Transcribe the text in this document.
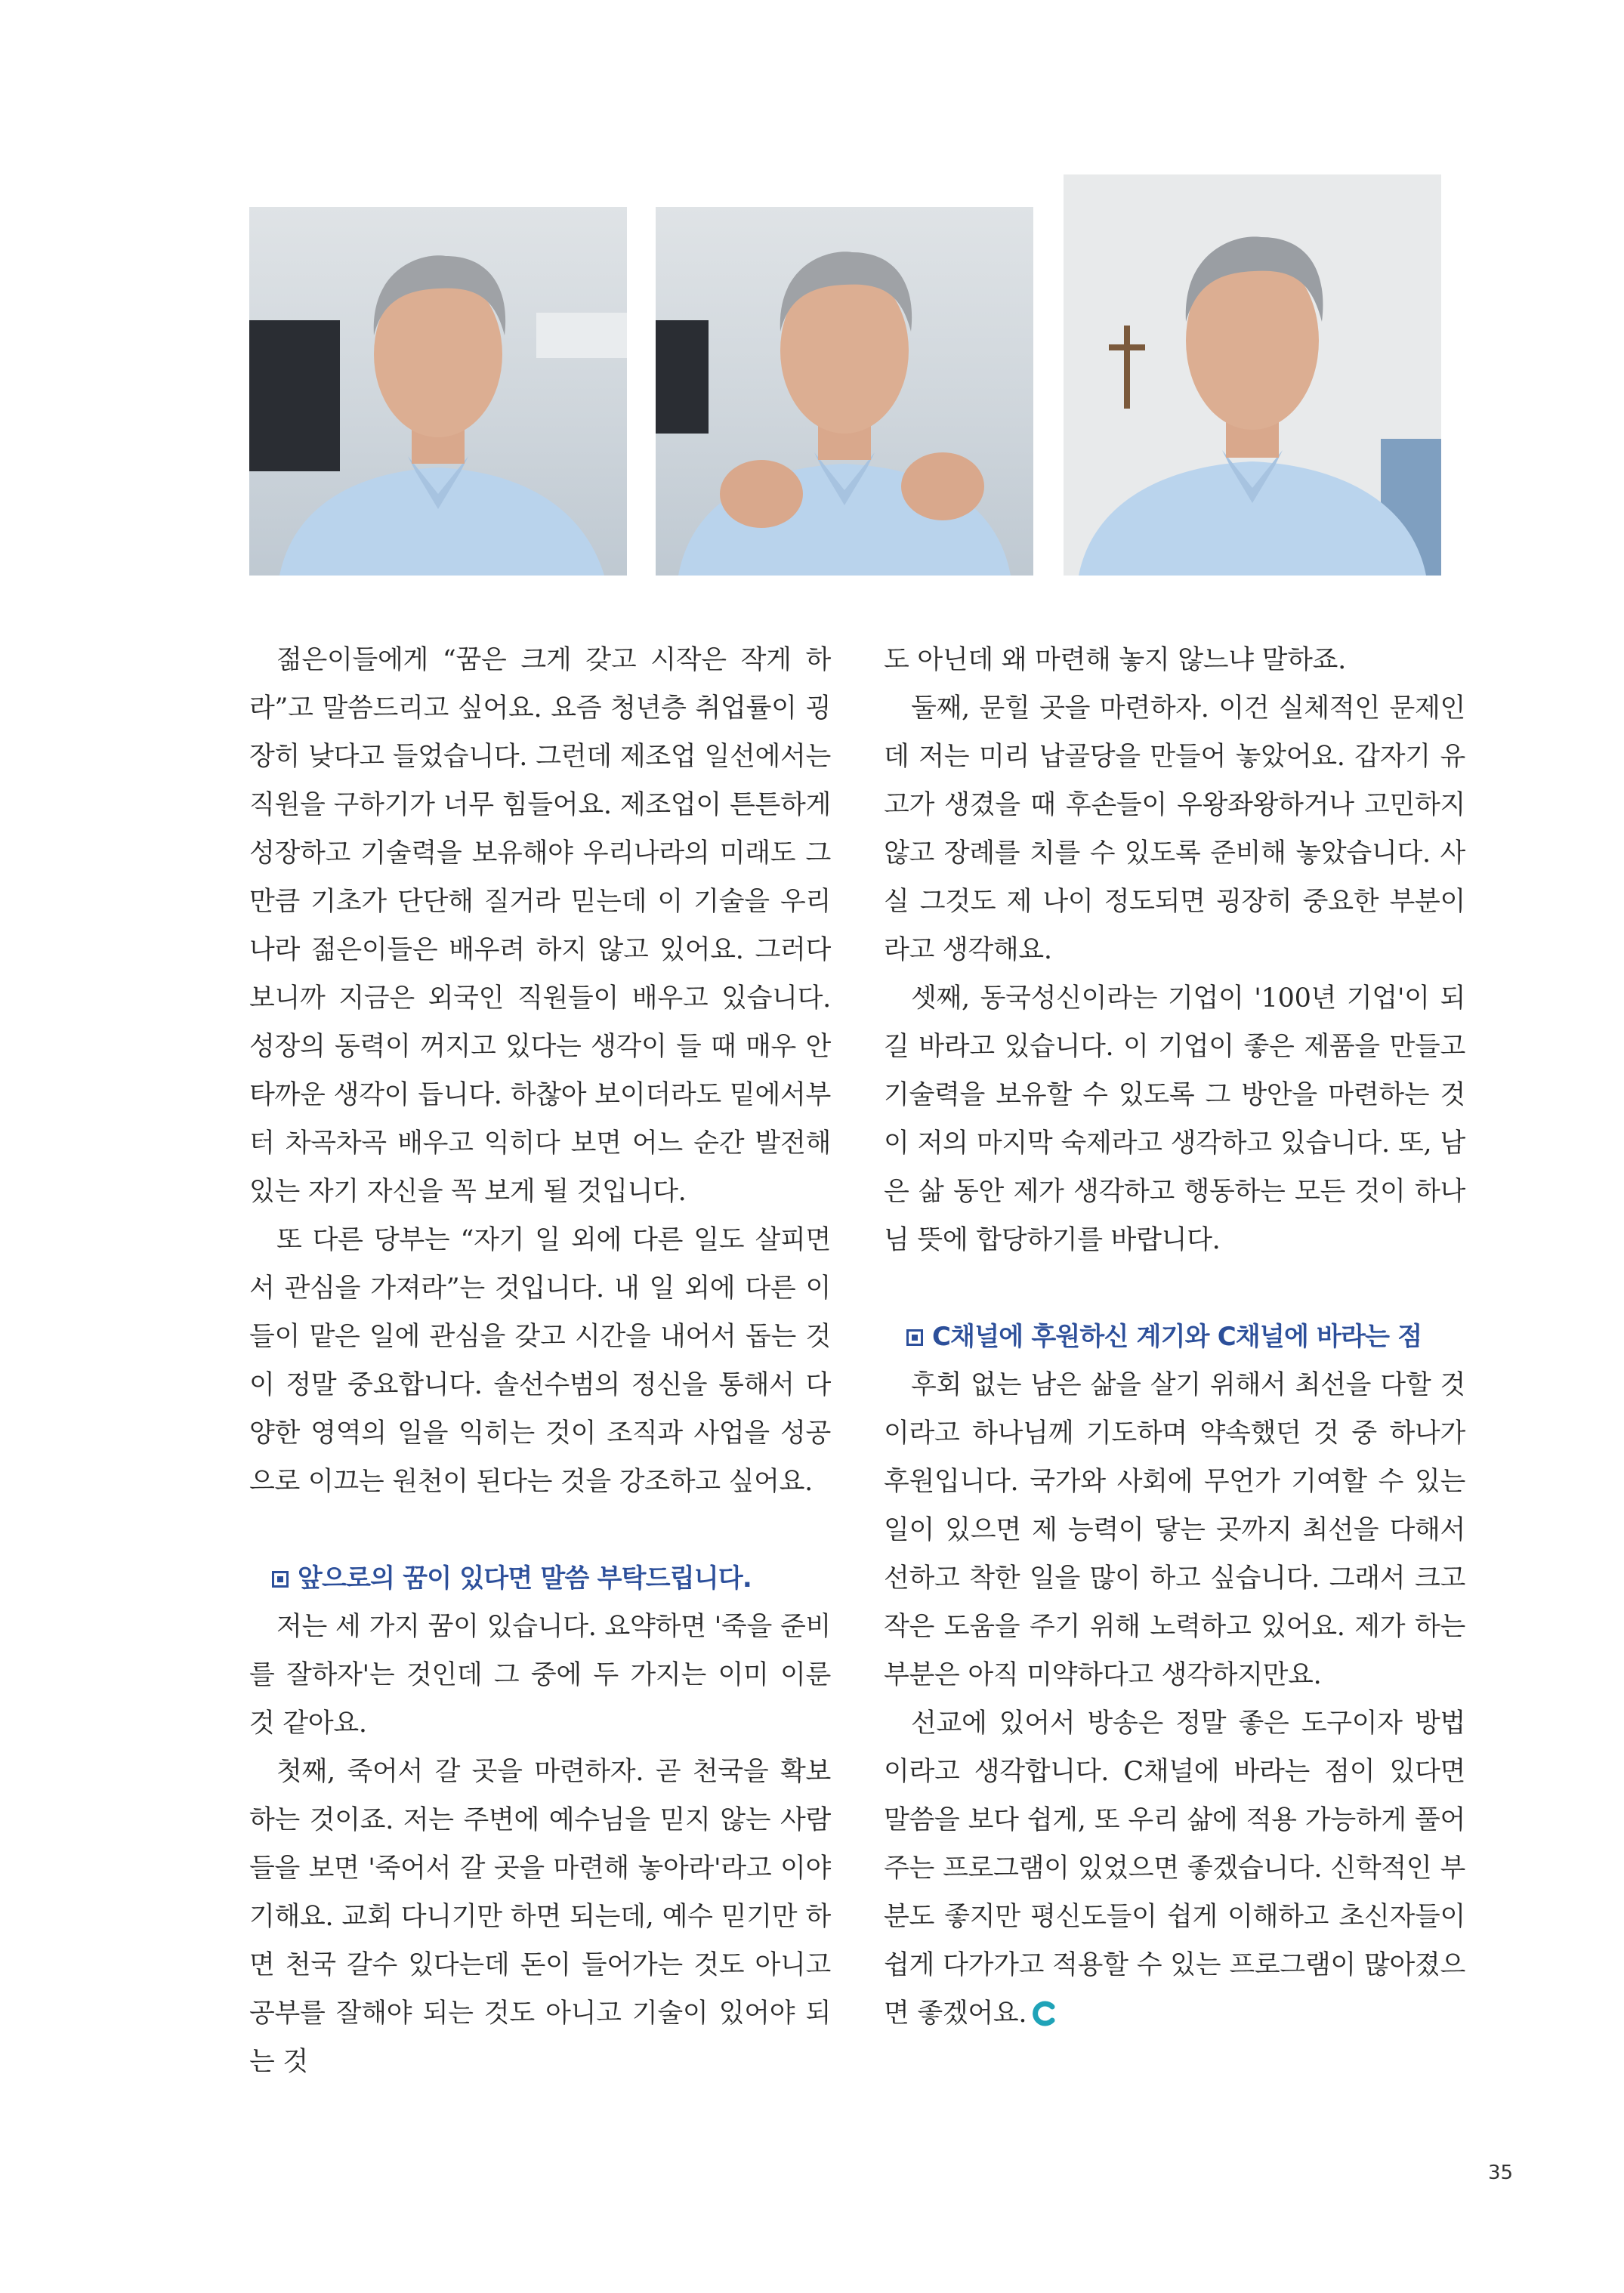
젊은이들에게 “꿈은 크게 갖고 시작은 작게 하라”고 말씀드리고 싶어요. 요즘 청년층 취업률이 굉장히 낮다고 들었습니다. 그런데 제조업 일선에서는 직원을 구하기가 너무 힘들어요. 제조업이 튼튼하게 성장하고 기술력을 보유해야 우리나라의 미래도 그만큼 기초가 단단해 질거라 믿는데 이 기술을 우리나라 젊은이들은 배우려 하지 않고 있어요. 그러다 보니까 지금은 외국인 직원들이 배우고 있습니다. 성장의 동력이 꺼지고 있다는 생각이 들 때 매우 안타까운 생각이 듭니다. 하찮아 보이더라도 밑에서부터 차곡차곡 배우고 익히다 보면 어느 순간 발전해 있는 자기 자신을 꼭 보게 될 것입니다.

또 다른 당부는 “자기 일 외에 다른 일도 살피면서 관심을 가져라”는 것입니다. 내 일 외에 다른 이들이 맡은 일에 관심을 갖고 시간을 내어서 돕는 것이 정말 중요합니다. 솔선수범의 정신을 통해서 다양한 영역의 일을 익히는 것이 조직과 사업을 성공으로 이끄는 원천이 된다는 것을 강조하고 싶어요.

앞으로의 꿈이 있다면 말씀 부탁드립니다.

저는 세 가지 꿈이 있습니다. 요약하면 '죽을 준비를 잘하자'는 것인데 그 중에 두 가지는 이미 이룬 것 같아요.

첫째, 죽어서 갈 곳을 마련하자. 곧 천국을 확보하는 것이죠. 저는 주변에 예수님을 믿지 않는 사람들을 보면 '죽어서 갈 곳을 마련해 놓아라'라고 이야기해요. 교회 다니기만 하면 되는데, 예수 믿기만 하면 천국 갈수 있다는데 돈이 들어가는 것도 아니고 공부를 잘해야 되는 것도 아니고 기술이 있어야 되는 것

도 아닌데 왜 마련해 놓지 않느냐 말하죠.

둘째, 문힐 곳을 마련하자. 이건 실체적인 문제인데 저는 미리 납골당을 만들어 놓았어요. 갑자기 유고가 생겼을 때 후손들이 우왕좌왕하거나 고민하지 않고 장례를 치를 수 있도록 준비해 놓았습니다. 사실 그것도 제 나이 정도되면 굉장히 중요한 부분이라고 생각해요.

셋째, 동국성신이라는 기업이 '100년 기업'이 되길 바라고 있습니다. 이 기업이 좋은 제품을 만들고 기술력을 보유할 수 있도록 그 방안을 마련하는 것이 저의 마지막 숙제라고 생각하고 있습니다. 또, 남은 삶 동안 제가 생각하고 행동하는 모든 것이 하나님 뜻에 합당하기를 바랍니다.

C채널에 후원하신 계기와 C채널에 바라는 점

후회 없는 남은 삶을 살기 위해서 최선을 다할 것이라고 하나님께 기도하며 약속했던 것 중 하나가 후원입니다. 국가와 사회에 무언가 기여할 수 있는 일이 있으면 제 능력이 닿는 곳까지 최선을 다해서 선하고 착한 일을 많이 하고 싶습니다. 그래서 크고 작은 도움을 주기 위해 노력하고 있어요. 제가 하는 부분은 아직 미약하다고 생각하지만요.

선교에 있어서 방송은 정말 좋은 도구이자 방법이라고 생각합니다. C채널에 바라는 점이 있다면 말씀을 보다 쉽게, 또 우리 삶에 적용 가능하게 풀어주는 프로그램이 있었으면 좋겠습니다. 신학적인 부분도 좋지만 평신도들이 쉽게 이해하고 초신자들이 쉽게 다가가고 적용할 수 있는 프로그램이 많아졌으면 좋겠어요.

35
